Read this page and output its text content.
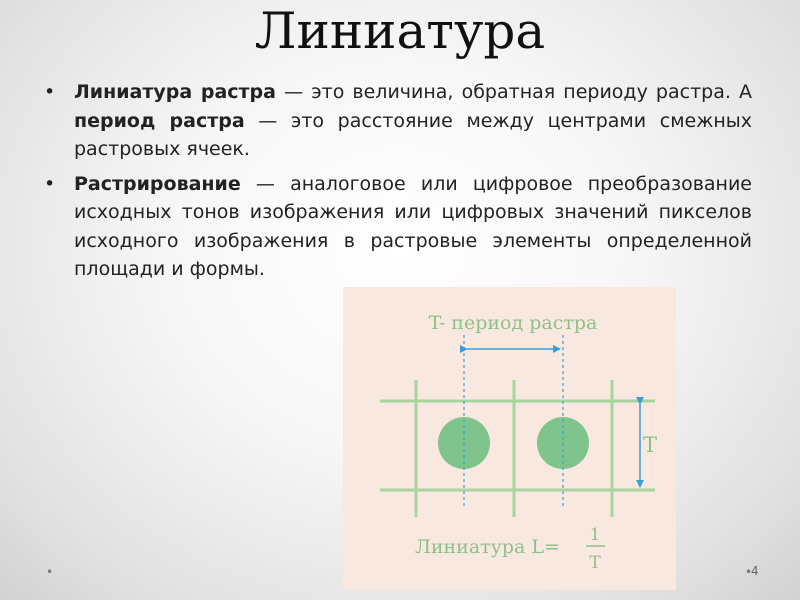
Линиатура
• Линиатура растра — это величина, обратная периоду растра. А период растра — это расстояние между центрами смежных растровых ячеек.
• Растрирование — аналоговое или цифровое преобразование исходных тонов изображения или цифровых значений пикселов исходного изображения в растровые элементы определенной площади и формы.
T- период растра
T
Линиатура L=
1
T
•	•
4
